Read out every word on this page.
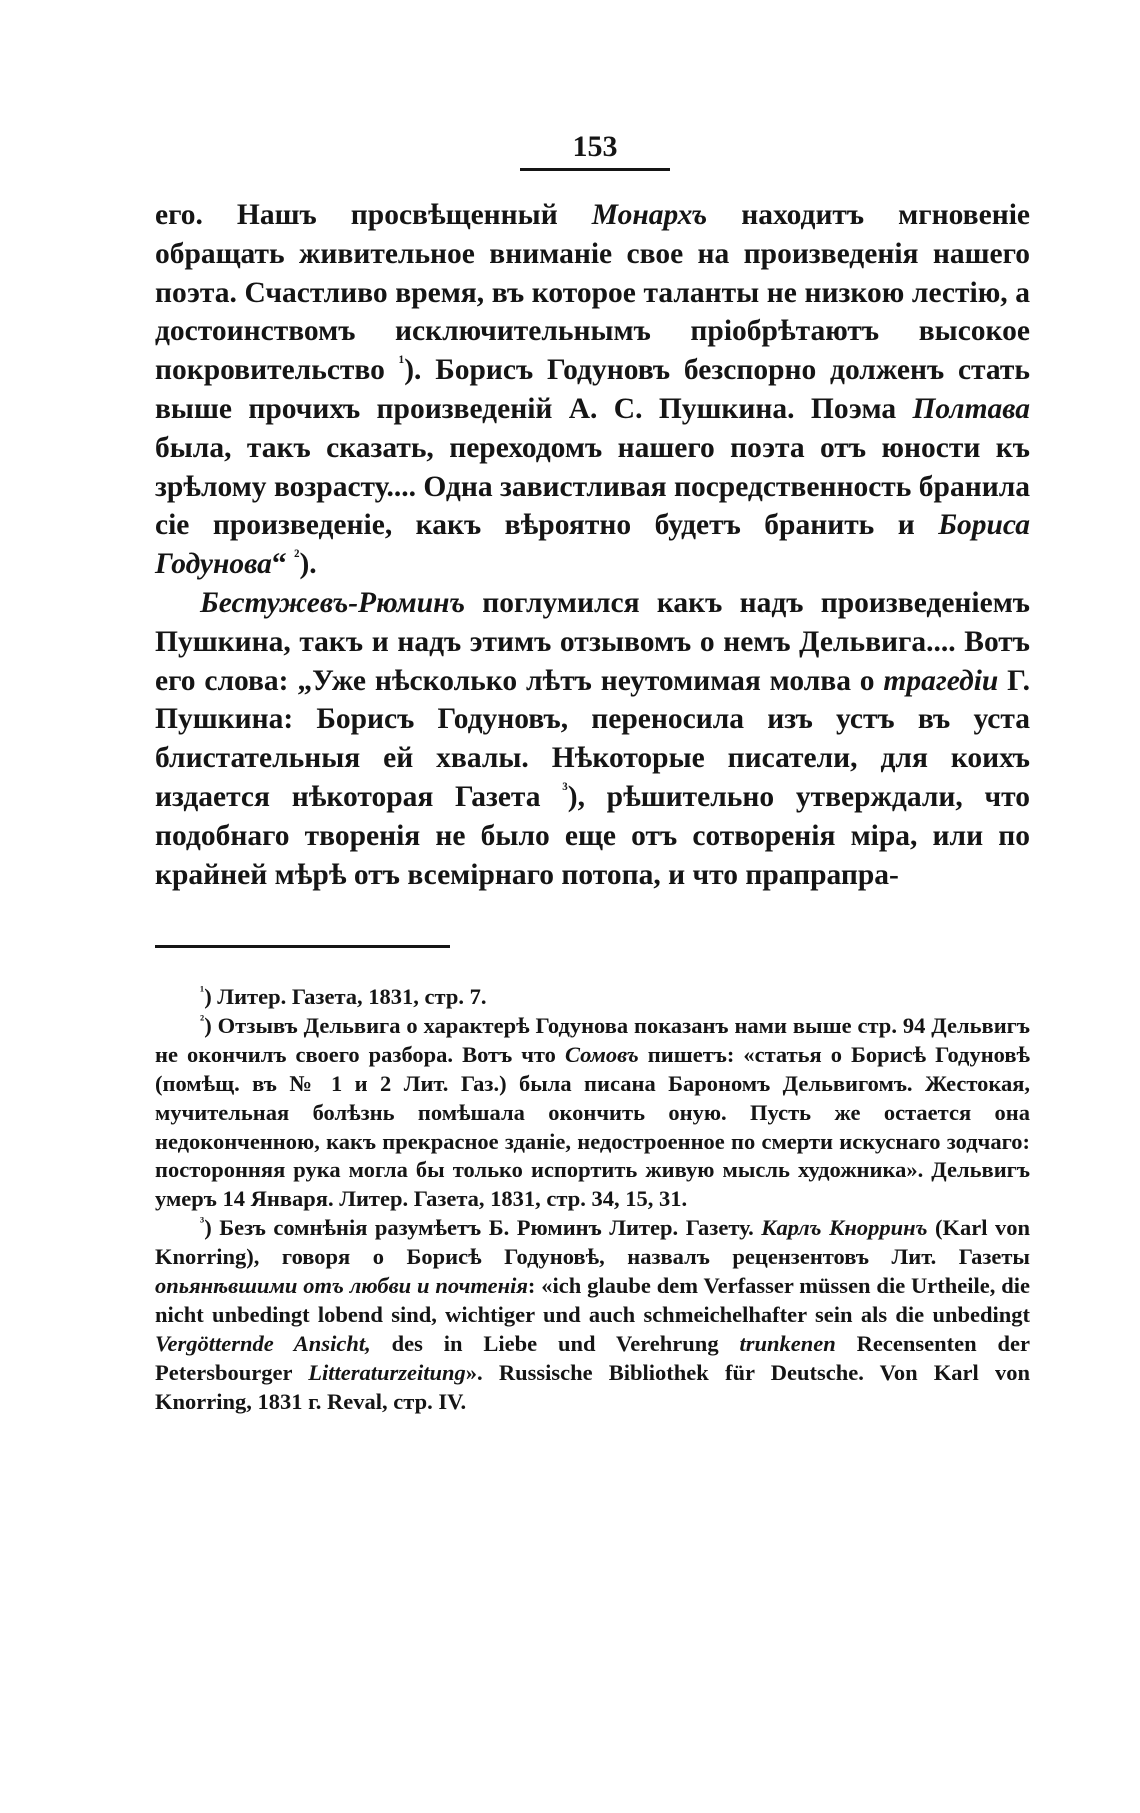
153

его. Нашъ просвѣщенный Монархъ находитъ мгновеніе обращать живительное вниманіе свое на произведенія нашего поэта. Счастливо время, въ которое таланты не низкою лестію, а достоинствомъ исключительнымъ пріобрѣтаютъ высокое покровительство $^{^1}$). Борисъ Годуновъ безспорно долженъ стать выше прочихъ произведеній А. С. Пушкина. Поэма Полтава была, такъ сказать, переходомъ нашего поэта отъ юности къ зрѣлому возрасту.... Одна завистливая посредственность бранила сіе произведеніе, какъ вѣроятно будетъ бранить и Бориса Годунова“ $^{^2}$).

Бестужевъ-Рюминъ поглумился какъ надъ произведеніемъ Пушкина, такъ и надъ этимъ отзывомъ о немъ Дельвига.... Вотъ его слова: „Уже нѣсколько лѣтъ неутомимая молва о трагедіи Г. Пушкина: Борисъ Годуновъ, переносила изъ устъ въ уста блистательныя ей хвалы. Нѣкоторые писатели, для коихъ издается нѣкоторая Газета $^{^3}$), рѣшительно утверждали, что подобнаго творенія не было еще отъ сотворенія міра, или по крайней мѣрѣ отъ всемірнаго потопа, и что прапрапра-

$^{^1}$) Литер. Газета, 1831, стр. 7.

$^{^2}$) Отзывъ Дельвига о характерѣ Годунова показанъ нами выше стр. 94 Дельвигъ не окончилъ своего разбора. Вотъ что Сомовъ пишетъ: «статья о Борисѣ Годуновѣ (помѣщ. въ № 1 и 2 Лит. Газ.) была писана Барономъ Дельвигомъ. Жестокая, мучительная болѣзнь помѣшала окончить оную. Пусть же остается она недоконченною, какъ прекрасное зданіе, недостроенное по смерти искуснаго зодчаго: посторонняя рука могла бы только испортить живую мысль художника». Дельвигъ умеръ 14 Января. Литер. Газета, 1831, стр. 34, 15, 31.

$^{^3}$) Безъ сомнѣнія разумѣетъ Б. Рюминъ Литер. Газету. Карлъ Кнорринъ (Karl von Knorring), говоря о Борисѣ Годуновѣ, назвалъ рецензентовъ Лит. Газеты опьянѣвшими отъ любви и почтенія: «ich glaube dem Verfasser müssen die Urtheile, die nicht unbedingt lobend sind, wichtiger und auch schmeichelhafter sein als die unbedingt Vergötternde Ansicht, des in Liebe und Verehrung trunkenen Recensenten der Petersbourger Litteraturzeitung». Russische Bibliothek für Deutsche. Von Karl von Knorring, 1831 г. Reval, стр. IV.
